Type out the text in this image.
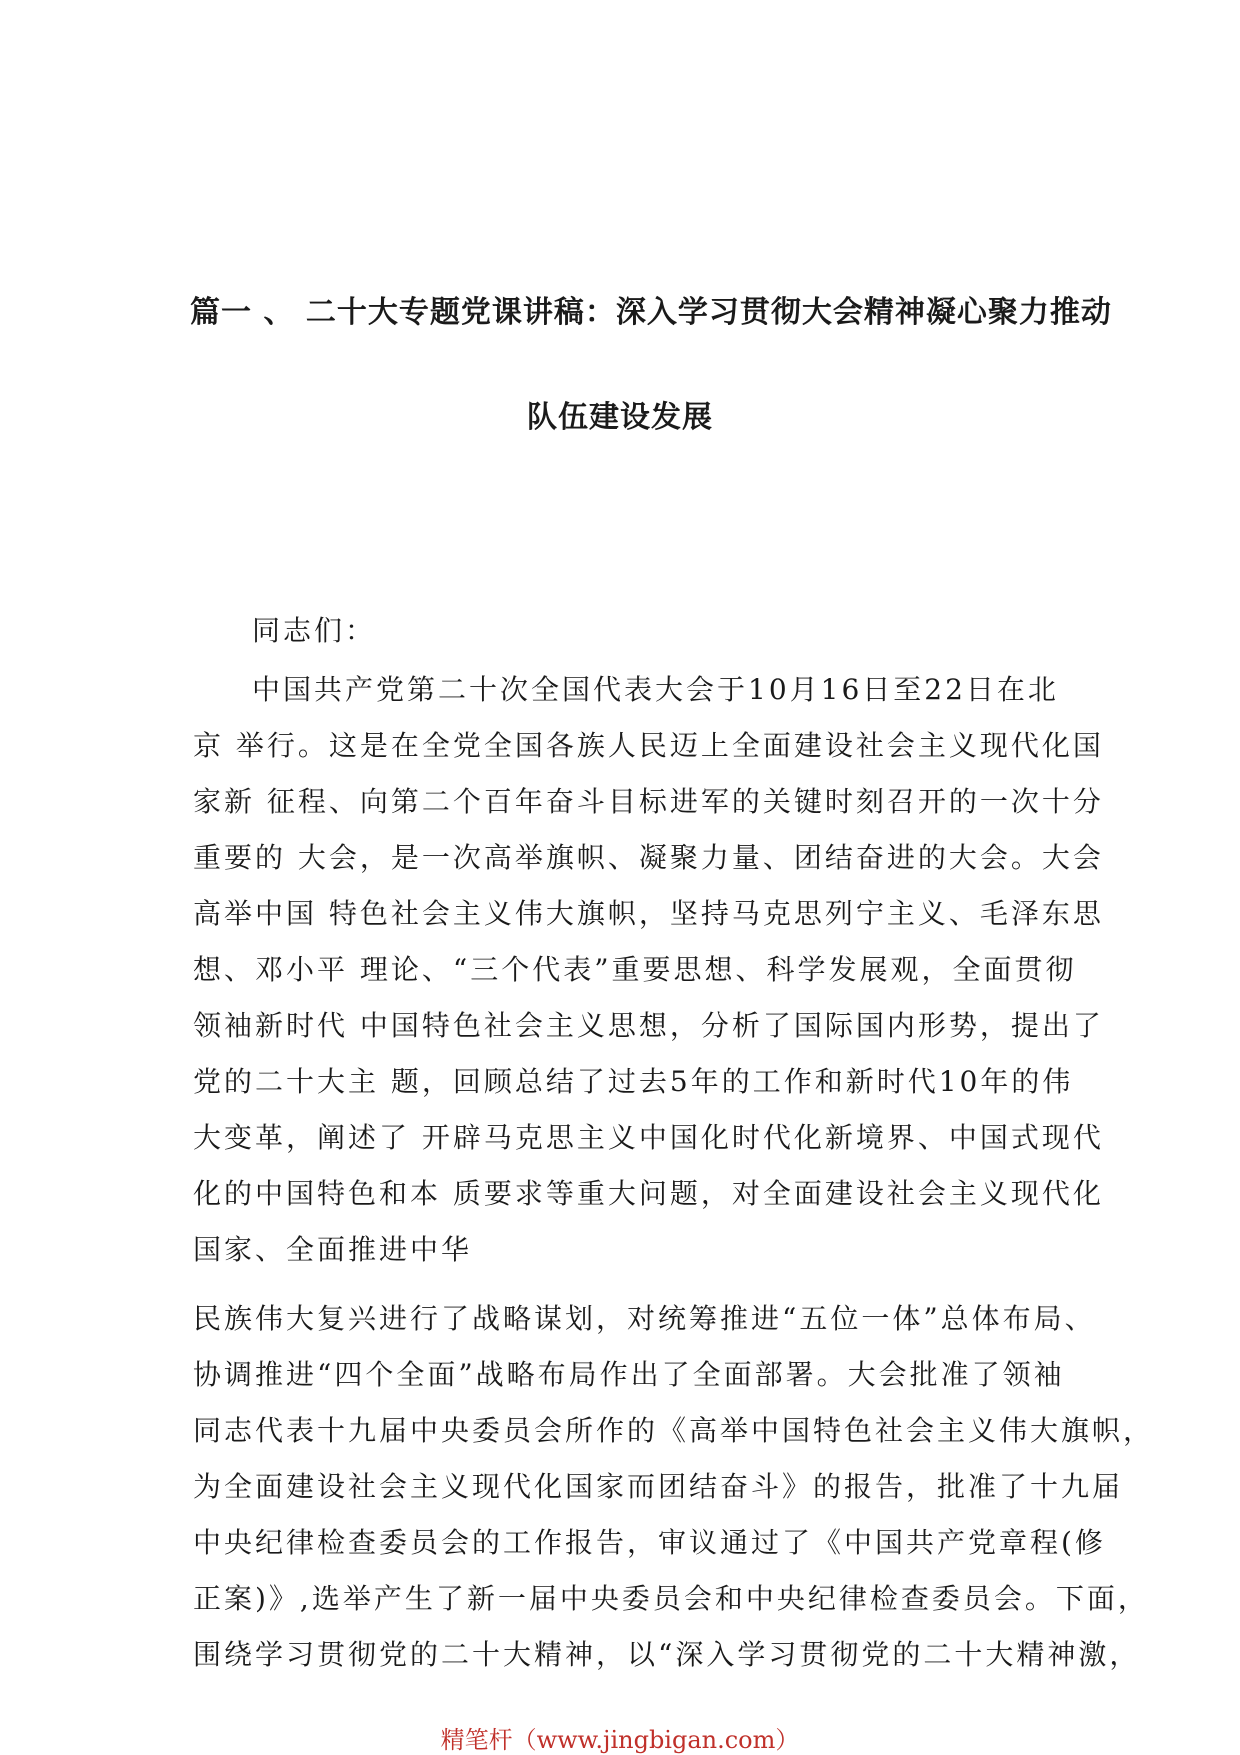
篇一 、 二十大专题党课讲稿：深入学习贯彻大会精神凝心聚力推动
队伍建设发展
同志们：
中国共产党第二十次全国代表大会于10月16日至22日在北
京 举行。这是在全党全国各族人民迈上全面建设社会主义现代化国
家新 征程、向第二个百年奋斗目标进军的关键时刻召开的一次十分
重要的 大会，是一次高举旗帜、凝聚力量、团结奋进的大会。大会
高举中国 特色社会主义伟大旗帜，坚持马克思列宁主义、毛泽东思
想、邓小平 理论、“三个代表”重要思想、科学发展观，全面贯彻
领袖新时代 中国特色社会主义思想，分析了国际国内形势，提出了
党的二十大主 题，回顾总结了过去5年的工作和新时代10年的伟
大变革，阐述了 开辟马克思主义中国化时代化新境界、中国式现代
化的中国特色和本 质要求等重大问题，对全面建设社会主义现代化
国家、全面推进中华
民族伟大复兴进行了战略谋划，对统筹推进“五位一体”总体布局、
协调推进“四个全面”战略布局作出了全面部署。大会批准了领袖
同志代表十九届中央委员会所作的《高举中国特色社会主义伟大旗帜，
为全面建设社会主义现代化国家而团结奋斗》的报告，批准了十九届
中央纪律检查委员会的工作报告，审议通过了《中国共产党章程(修
正案)》,选举产生了新一届中央委员会和中央纪律检查委员会。下面，
围绕学习贯彻党的二十大精神，以“深入学习贯彻党的二十大精神激，
精笔杆（www.jingbigan.com）
